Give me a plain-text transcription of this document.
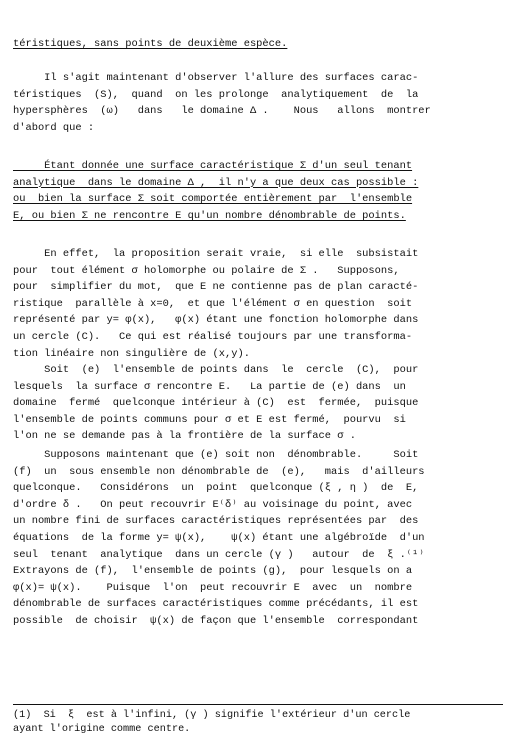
téristiques, sans points de deuxième espèce.
Il s'agit maintenant d'observer l'allure des surfaces carac-
téristiques  (S),  quand  on les prolonge  analytiquement  de  la
hypersphères  (ω)   dans   le domaine Δ .    Nous   allons  montrer
d'abord que :
Étant donnée une surface caractéristique Σ d'un seul tenant
analytique  dans le domaine Δ ,  il n'y a que deux cas possible :
ou  bien la surface Σ soit comportée entièrement par  l'ensemble
E, ou bien Σ ne rencontre E qu'un nombre dénombrable de points.
En effet,  la proposition serait vraie,  si elle  subsistait
pour  tout élément σ holomorphe ou polaire de Σ .   Supposons,
pour  simplifier du mot,  que E ne contienne pas de plan caracté-
ristique  parallèle à x=0,  et que l'élément σ en question  soit
représenté par y= φ(x),   φ(x) étant une fonction holomorphe dans
un cercle (C).   Ce qui est réalisé toujours par une transforma-
tion linéaire non singulière de (x,y).
Soit  (e)  l'ensemble de points dans  le  cercle  (C),  pour
lesquels  la surface σ rencontre E.   La partie de (e) dans  un
domaine  fermé  quelconque intérieur à (C)  est  fermée,  puisque
l'ensemble de points communs pour σ et E est fermé,  pourvu  si
l'on ne se demande pas à la frontière de la surface σ .
Supposons maintenant que (e) soit non  dénombrable.     Soit
(f)  un  sous ensemble non dénombrable de  (e),   mais  d'ailleurs
quelconque.   Considérons  un  point  quelconque (ξ , η )  de  E,
d'ordre δ .   On peut recouvrir E⁽δ⁾ au voisinage du point, avec
un nombre fini de surfaces caractéristiques représentées par  des
équations  de la forme y= ψ(x),    ψ(x) étant une algébroïde  d'un
seul  tenant  analytique  dans un cercle (γ )   autour  de  ξ .⁽¹⁾
Extrayons de (f),  l'ensemble de points (g),  pour lesquels on a
φ(x)= ψ(x).    Puisque  l'on  peut recouvrir E  avec  un  nombre
dénombrable de surfaces caractéristiques comme précédants, il est
possible  de choisir  ψ(x) de façon que l'ensemble  correspondant
(1)  Si  ξ  est à l'infini, (γ ) signifie l'extérieur d'un cercle
ayant l'origine comme centre.
